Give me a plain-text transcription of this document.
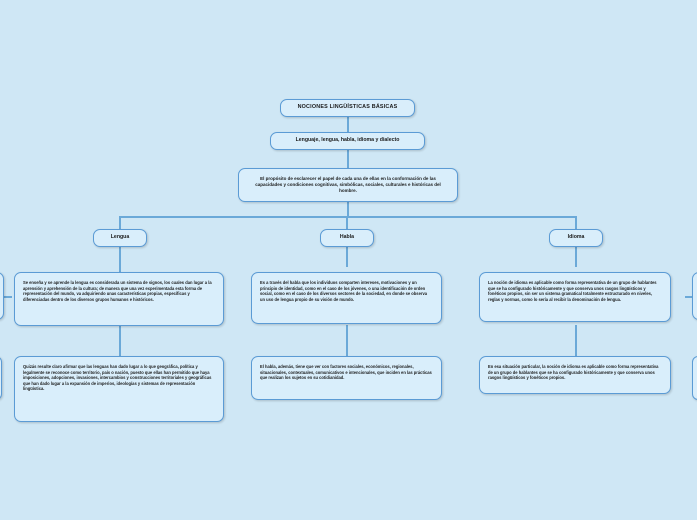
NOCIONES LINGÜÍSTICAS BÁSICAS
Lenguaje, lengua, habla, idioma y dialecto
El propósito de esclarecer el papel de cada una de ellas en la conformación de las capacidades y condiciones cognitivas, simbólicas, sociales, culturales e históricas del hombre.
Lengua	Habla	Idioma
Se enseña y se aprende la lengua es considerada un sistema de signos, los cuales dan lugar a la aprensión y aprehensión de la cultura; de manera que una vez experimentada esta forma de representación del mundo, va adquiriendo unas características propias, específicas y diferenciadas dentro de los diversos grupos humanos e históricos.
Quizás resulte claro afirmar que las lenguas han dado lugar a lo que geográfica, política y legalmente se reconoce como territorio, país o nación, puesto que ellas han permitido que haya imposiciones, adopciones, invasiones, intercambios y construcciones territoriales y geográficas que han dado lugar a la expansión de imperios, ideologías y sistemas de representación lingüística.
Es a través del habla que los individuos comparten intereses, motivaciones y un principio de identidad, como en el caso de los jóvenes, o una identificación de orden social, como en el caso de los diversos sectores de la sociedad, en donde se observa un uso de lengua propio de su visión de mundo.
El habla, además, tiene que ver con factores sociales, económicos, regionales, situacionales, contextuales, comunicativos e intencionales, que inciden en las prácticas que realizan los sujetos en su cotidianidad.
La noción de idioma es aplicable como forma representativa de un grupo de hablantes que se ha configurado históricamente y que conserva unos rasgos lingüísticos y fonéticos propios, sin ser un sistema gramatical totalmente estructurado en niveles, reglas y normas, como lo sería al recibir la denominación de lengua.
En esa situación particular, la noción de idioma es aplicable como forma representativa de un grupo de hablantes que se ha configurado históricamente y que conserva unos rasgos lingüísticos y fonéticos propios.
